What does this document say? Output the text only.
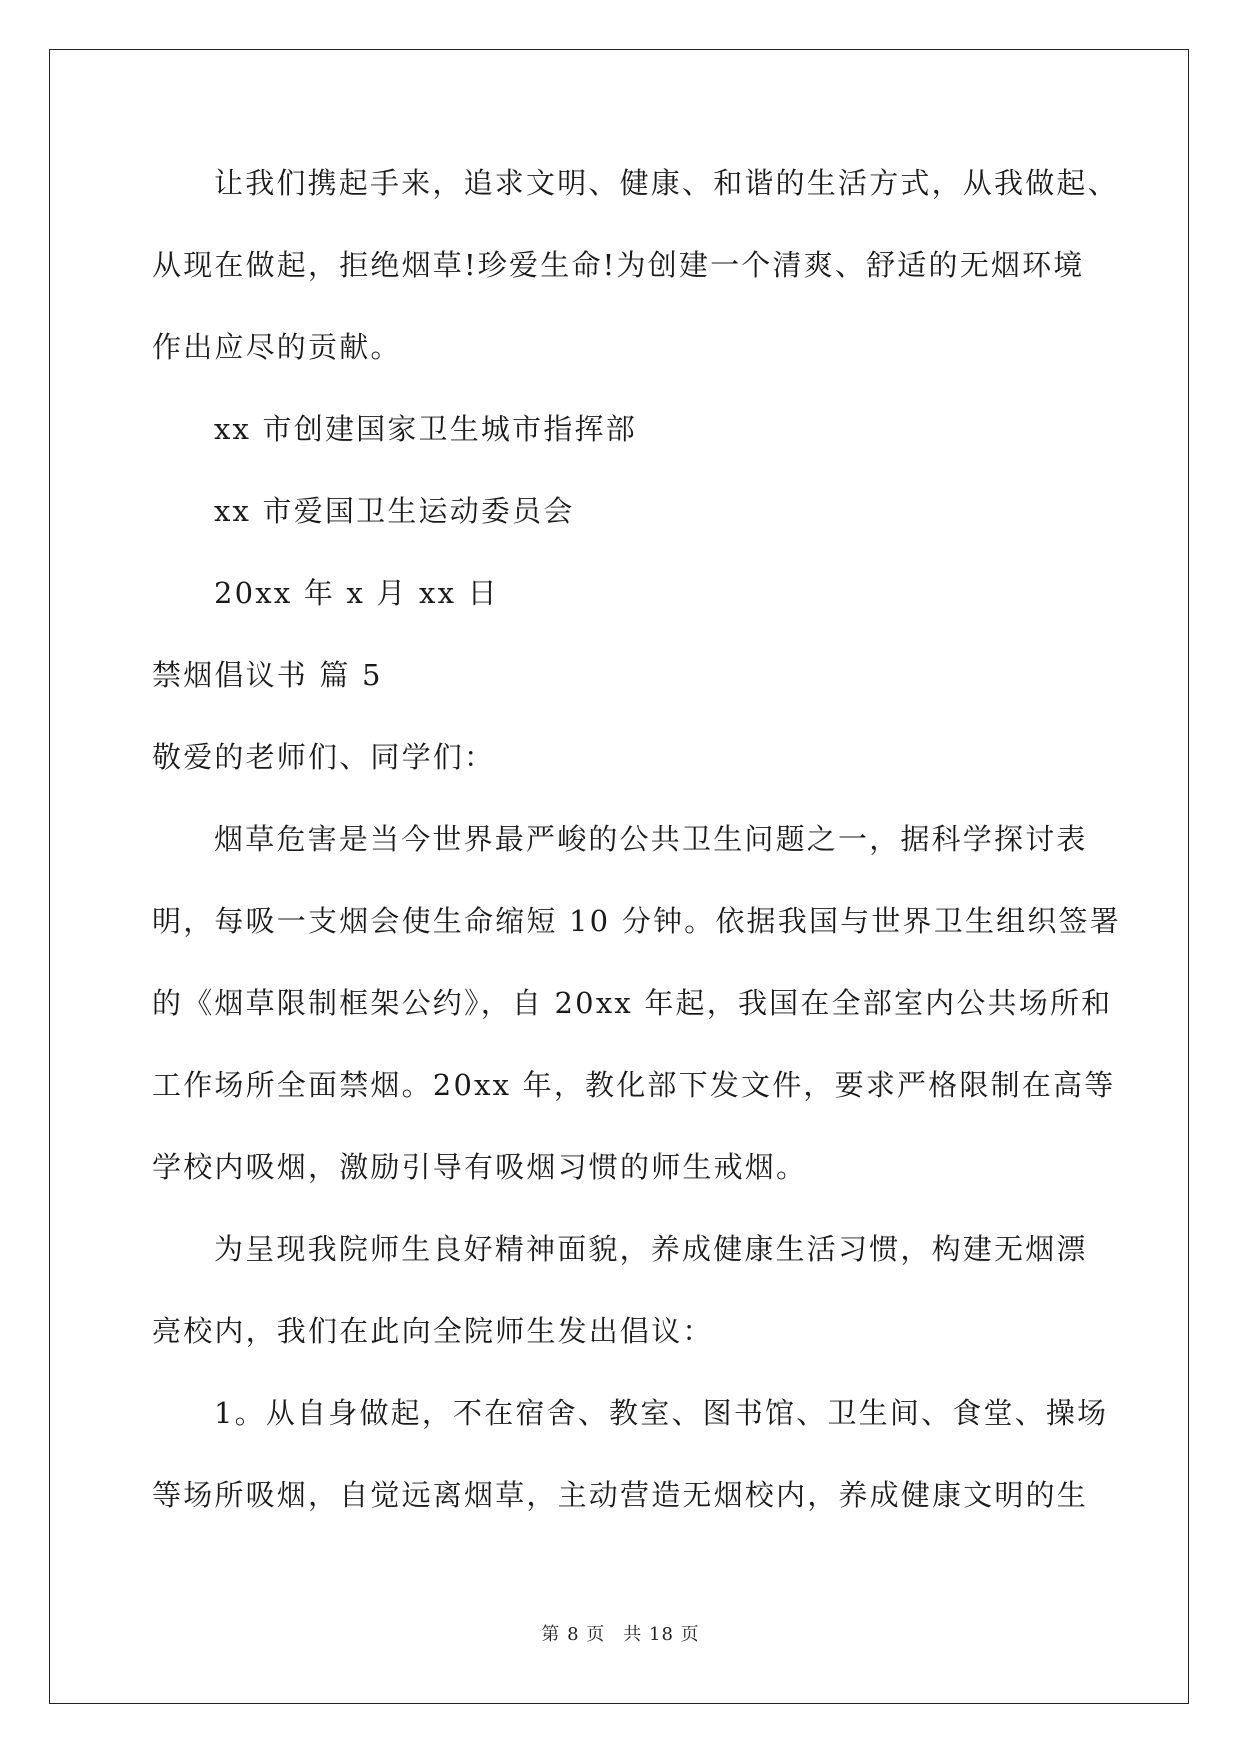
让我们携起手来，追求文明、健康、和谐的生活方式，从我做起、
从现在做起，拒绝烟草!珍爱生命!为创建一个清爽、舒适的无烟环境
作出应尽的贡献。
xx 市创建国家卫生城市指挥部
xx 市爱国卫生运动委员会
20xx 年 x 月 xx 日
禁烟倡议书 篇 5
敬爱的老师们、同学们：
烟草危害是当今世界最严峻的公共卫生问题之一，据科学探讨表
明，每吸一支烟会使生命缩短 10 分钟。依据我国与世界卫生组织签署
的《烟草限制框架公约》，自 20xx 年起，我国在全部室内公共场所和
工作场所全面禁烟。20xx 年，教化部下发文件，要求严格限制在高等
学校内吸烟，激励引导有吸烟习惯的师生戒烟。
为呈现我院师生良好精神面貌，养成健康生活习惯，构建无烟漂
亮校内，我们在此向全院师生发出倡议：
1。从自身做起，不在宿舍、教室、图书馆、卫生间、食堂、操场
等场所吸烟，自觉远离烟草，主动营造无烟校内，养成健康文明的生
第 8 页 共 18 页
